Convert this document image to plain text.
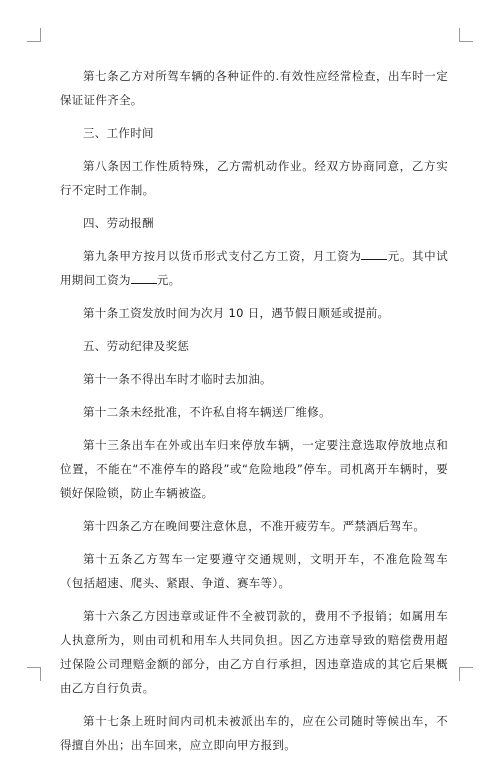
第七条乙方对所驾车辆的各种证件的.有效性应经常检查，出车时一定保证证件齐全。

三、工作时间

第八条因工作性质特殊，乙方需机动作业。经双方协商同意，乙方实行不定时工作制。

四、劳动报酬

第九条甲方按月以货币形式支付乙方工资，月工资为 元。其中试用期间工资为 元。

第十条工资发放时间为次月 10 日，遇节假日顺延或提前。

五、劳动纪律及奖惩

第十一条不得出车时才临时去加油。

第十二条未经批准，不许私自将车辆送厂维修。

第十三条出车在外或出车归来停放车辆，一定要注意选取停放地点和位置，不能在“不准停车的路段”或“危险地段”停车。司机离开车辆时，要锁好保险锁，防止车辆被盗。

第十四条乙方在晚间要注意休息，不准开疲劳车。严禁酒后驾车。

第十五条乙方驾车一定要遵守交通规则，文明开车，不准危险驾车（包括超速、爬头、紧跟、争道、赛车等）。

第十六条乙方因违章或证件不全被罚款的，费用不予报销；如属用车人执意所为，则由司机和用车人共同负担。因乙方违章导致的赔偿费用超过保险公司理赔金额的部分，由乙方自行承担，因违章造成的其它后果概由乙方自行负责。

第十七条上班时间内司机未被派出车的，应在公司随时等候出车，不得擅自外出；出车回来，应立即向甲方报到。
